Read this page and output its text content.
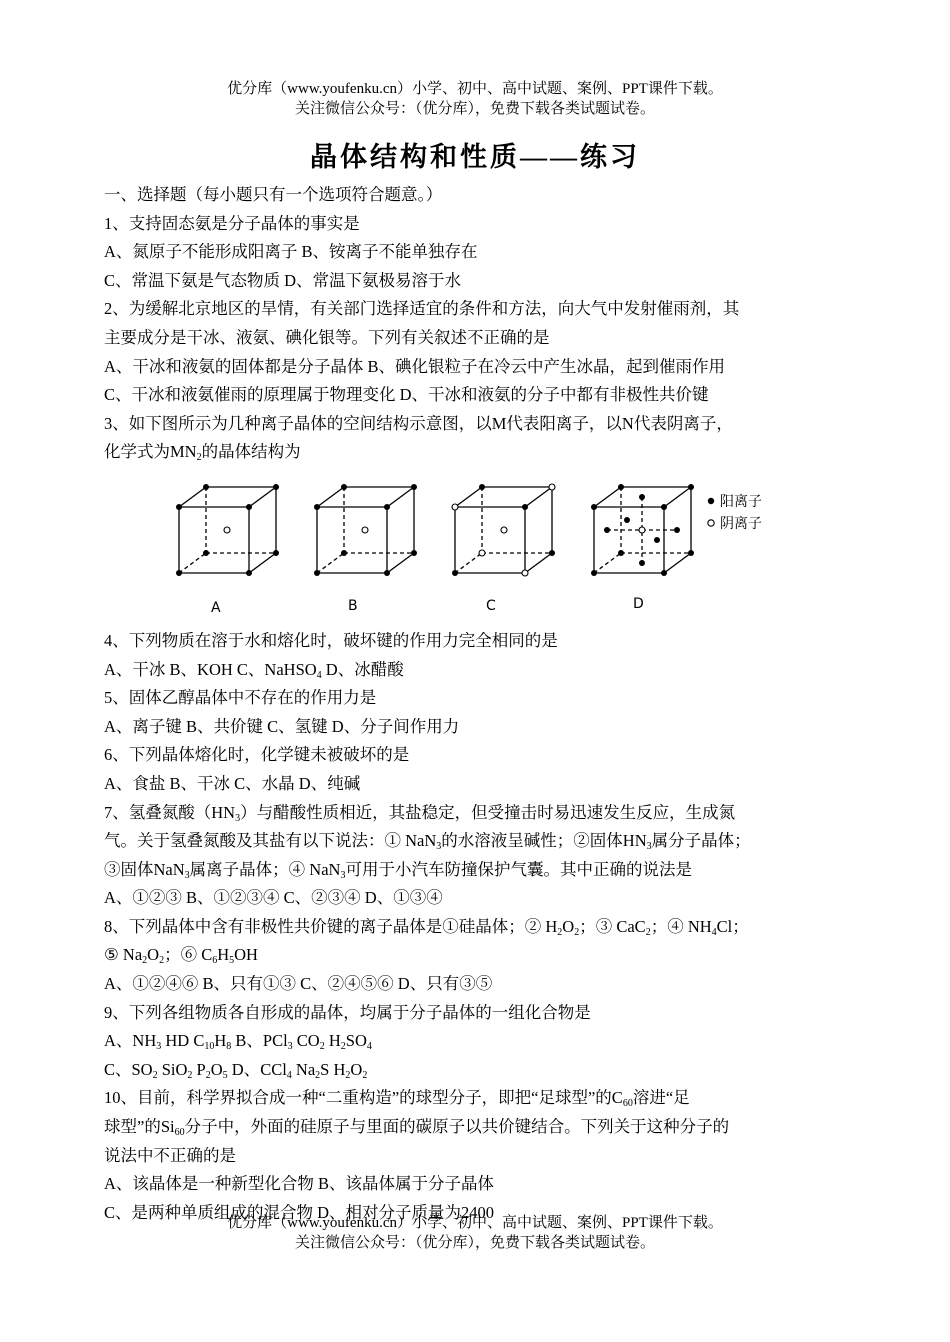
优分库（www.youfenku.cn）小学、初中、高中试题、案例、PPT课件下载。
关注微信公众号：（优分库），免费下载各类试题试卷。
晶体结构和性质——练习
一、选择题（每小题只有一个选项符合题意。）
1、支持固态氨是分子晶体的事实是
A、氮原子不能形成阳离子 B、铵离子不能单独存在
C、常温下氨是气态物质 D、常温下氨极易溶于水
2、为缓解北京地区的旱情，有关部门选择适宜的条件和方法，向大气中发射催雨剂，其
主要成分是干冰、液氨、碘化银等。下列有关叙述不正确的是
A、干冰和液氨的固体都是分子晶体 B、碘化银粒子在冷云中产生冰晶，起到催雨作用
C、干冰和液氨催雨的原理属于物理变化 D、干冰和液氨的分子中都有非极性共价键
3、如下图所示为几种离子晶体的空间结构示意图，以M代表阳离子，以N代表阴离子，
化学式为$MN_2$的晶体结构为
阳离子
阴离子
A	B	C	D
4、下列物质在溶于水和熔化时，破坏键的作用力完全相同的是
A、干冰 B、KOH C、NaHSO$_4$ D、冰醋酸
5、固体乙醇晶体中不存在的作用力是
A、离子键 B、共价键 C、氢键 D、分子间作用力
6、下列晶体熔化时，化学键未被破坏的是
A、食盐 B、干冰 C、水晶 D、纯碱
7、氢叠氮酸$(HN_3)$与醋酸性质相近，其盐稳定，但受撞击时易迅速发生反应，生成氮
气。关于氢叠氮酸及其盐有以下说法：① NaN$_3$的水溶液呈碱性；②固体$HN_3$属分子晶体；
③固体NaN$_3$属离子晶体；④ NaN$_3$可用于小汽车防撞保护气囊。其中正确的说法是
A、①②③ B、①②③④ C、②③④ D、①③④
8、下列晶体中含有非极性共价键的离子晶体是①硅晶体；② $H_2O_2$；③ CaC$_2$；④ $NH_4Cl$；
⑤ $Na_2O_2$；⑥ $C_6H_5OH$
A、①②④⑥ B、只有①③ C、②④⑤⑥ D、只有③⑤
9、下列各组物质各自形成的晶体，均属于分子晶体的一组化合物是
A、$NH_3$ HD $C_{10}H_8$ B、PCl$_3$ $CO_2$ $H_2SO_4$
C、$SO_2$ SiO$_2$ $P_2O_5$ D、CCl$_4$ $Na_2S$ $H_2O_2$
10、目前，科学界拟合成一种“二重构造”的球型分子，即把“足球型”的$C_{60}$溶进“足
球型”的$Si_{60}$分子中，外面的硅原子与里面的碳原子以共价键结合。下列关于这种分子的
说法中不正确的是
A、该晶体是一种新型化合物 B、该晶体属于分子晶体
C、是两种单质组成的混合物 D、相对分子质量为2400
优分库（www.youfenku.cn）小学、初中、高中试题、案例、PPT课件下载。
关注微信公众号：（优分库），免费下载各类试题试卷。
